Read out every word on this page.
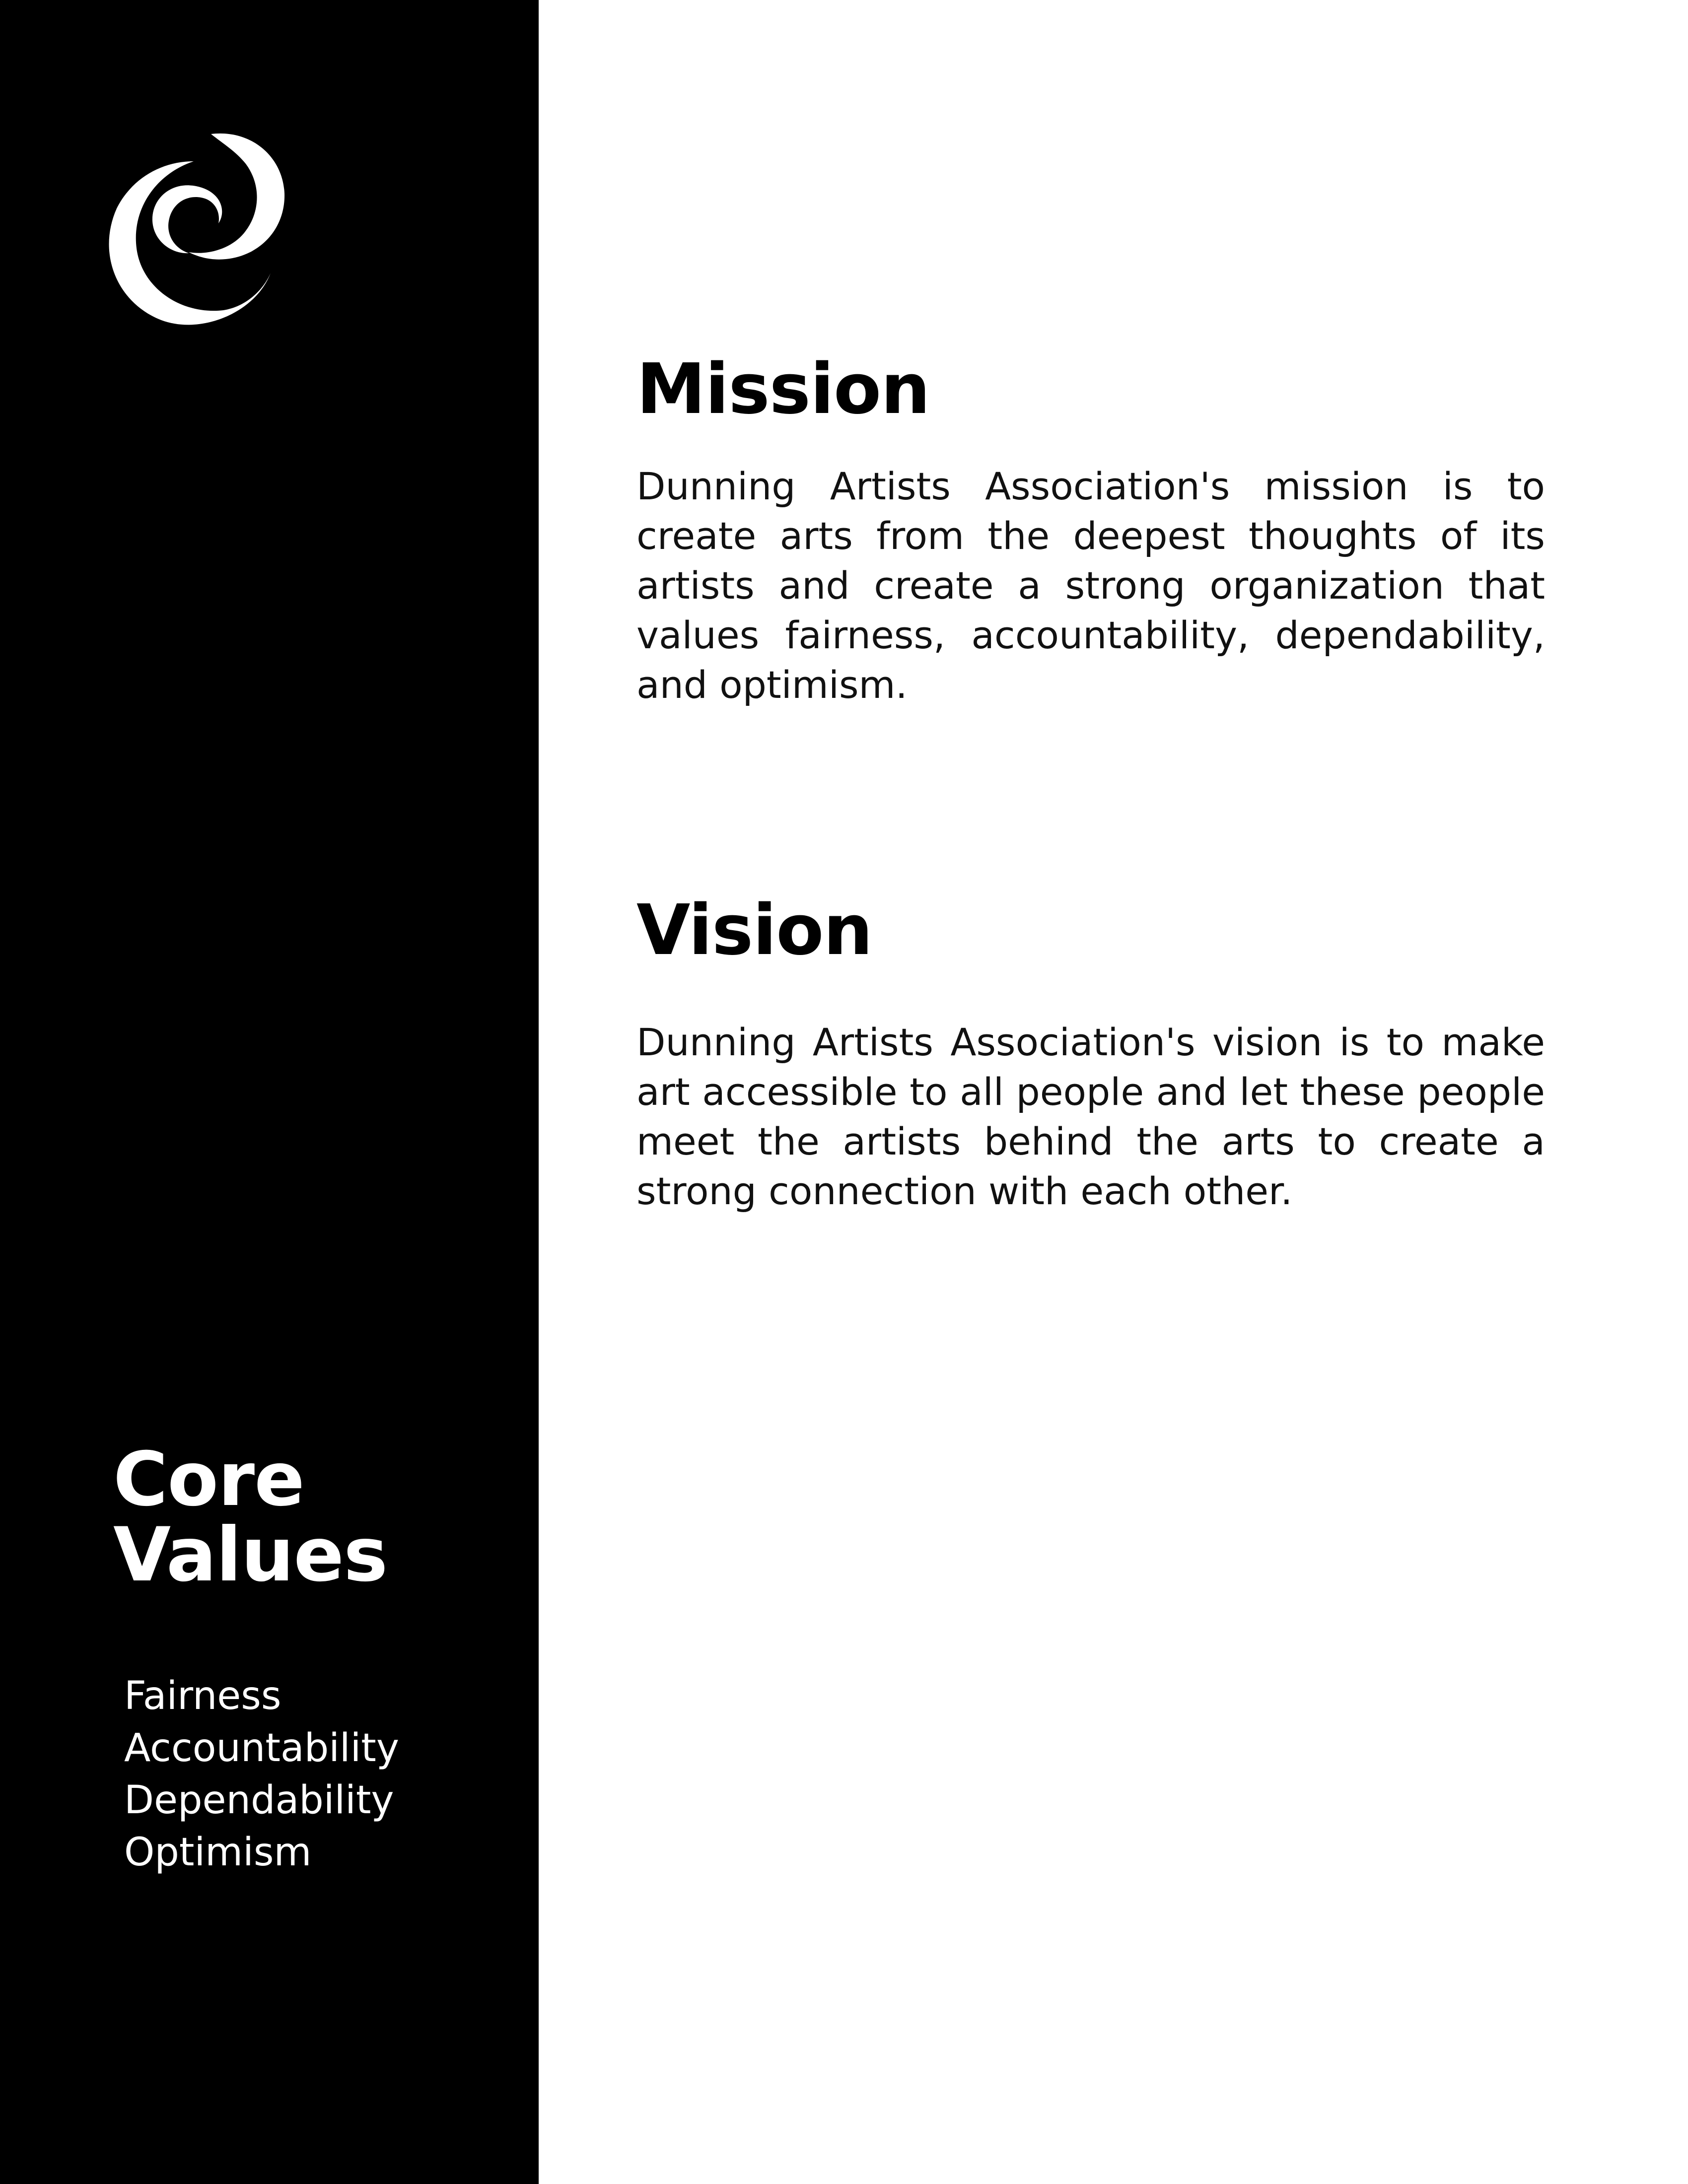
Core
Values
Fairness
Accountability
Dependability
Optimism
Mission

Dunning Artists Association's mission is to create arts from the deepest thoughts of its artists and create a strong organization that values fairness, accountability, dependability, and optimism.

Vision

Dunning Artists Association's vision is to make art accessible to all people and let these people meet the artists behind the arts to create a strong connection with each other.
